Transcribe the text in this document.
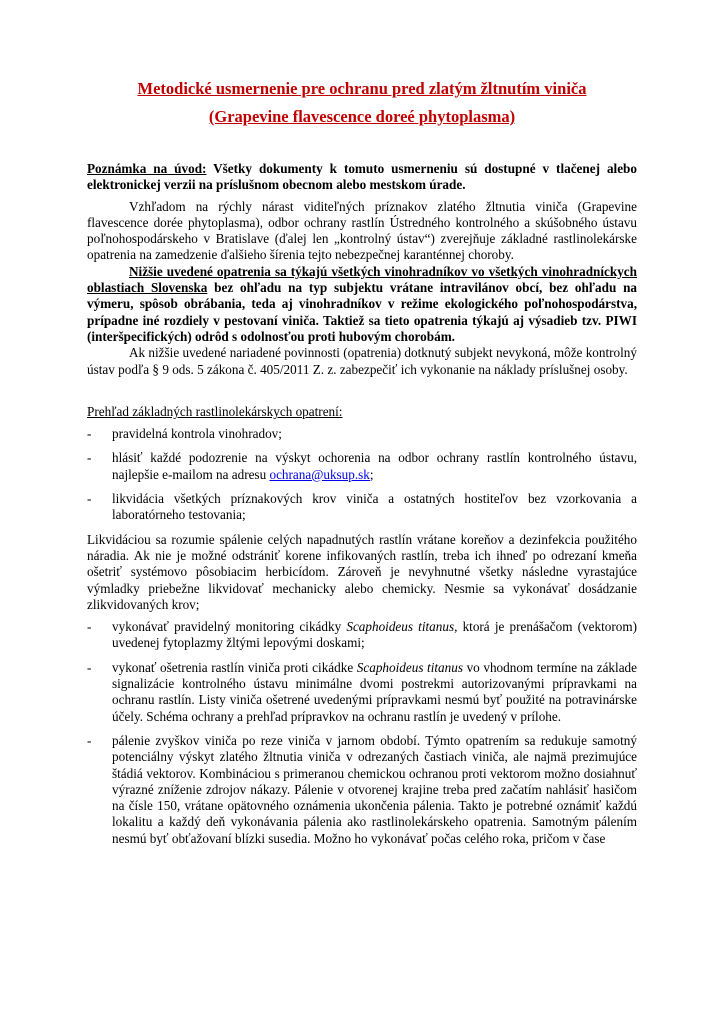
Metodické usmernenie pre ochranu pred zlatým žltnutím viniča
(Grapevine flavescence doreé phytoplasma)

Poznámka na úvod: Všetky dokumenty k tomuto usmerneniu sú dostupné v tlačenej alebo elektronickej verzii na príslušnom obecnom alebo mestskom úrade.

Vzhľadom na rýchly nárast viditeľných príznakov zlatého žltnutia viniča (Grapevine flavescence dorée phytoplasma), odbor ochrany rastlín Ústredného kontrolného a skúšobného ústavu poľnohospodárskeho v Bratislave (ďalej len „kontrolný ústav“) zverejňuje základné rastlinolekárske opatrenia na zamedzenie ďalšieho šírenia tejto nebezpečnej karanténnej choroby.

Nižšie uvedené opatrenia sa týkajú všetkých vinohradníkov vo všetkých vinohradníckych oblastiach Slovenska bez ohľadu na typ subjektu vrátane intravilánov obcí, bez ohľadu na výmeru, spôsob obrábania, teda aj vinohradníkov v režime ekologického poľnohospodárstva, prípadne iné rozdiely v pestovaní viniča. Taktiež sa tieto opatrenia týkajú aj výsadieb tzv. PIWI (interšpecifických) odrôd s odolnosťou proti hubovým chorobám.

Ak nižšie uvedené nariadené povinnosti (opatrenia) dotknutý subjekt nevykoná, môže kontrolný ústav podľa § 9 ods. 5 zákona č. 405/2011 Z. z. zabezpečiť ich vykonanie na náklady príslušnej osoby.

Prehľad základných rastlinolekárskych opatrení:

- pravidelná kontrola vinohradov;
- hlásiť každé podozrenie na výskyt ochorenia na odbor ochrany rastlín kontrolného ústavu, najlepšie e-mailom na adresu ochrana@uksup.sk;
- likvidácia všetkých príznakových krov viniča a ostatných hostiteľov bez vzorkovania a laboratórneho testovania;

Likvidáciou sa rozumie spálenie celých napadnutých rastlín vrátane koreňov a dezinfekcia použitého náradia. Ak nie je možné odstrániť korene infikovaných rastlín, treba ich ihneď po odrezaní kmeňa ošetriť systémovo pôsobiacim herbicídom. Zároveň je nevyhnutné všetky následne vyrastajúce výmladky priebežne likvidovať mechanicky alebo chemicky. Nesmie sa vykonávať dosádzanie zlikvidovaných krov;

- vykonávať pravidelný monitoring cikádky Scaphoideus titanus, ktorá je prenášačom (vektorom) uvedenej fytoplazmy žltými lepovými doskami;
- vykonať ošetrenia rastlín viniča proti cikádke Scaphoideus titanus vo vhodnom termíne na základe signalizácie kontrolného ústavu minimálne dvomi postrekmi autorizovanými prípravkami na ochranu rastlín. Listy viniča ošetrené uvedenými prípravkami nesmú byť použité na potravinárske účely. Schéma ochrany a prehľad prípravkov na ochranu rastlín je uvedený v prílohe.
- pálenie zvyškov viniča po reze viniča v jarnom období. Týmto opatrením sa redukuje samotný potenciálny výskyt zlatého žltnutia viniča v odrezaných častiach viniča, ale najmä prezimujúce štádiá vektorov. Kombináciou s primeranou chemickou ochranou proti vektorom možno dosiahnuť výrazné zníženie zdrojov nákazy. Pálenie v otvorenej krajine treba pred začatím nahlásiť hasičom na čísle 150, vrátane opätovného oznámenia ukončenia pálenia. Takto je potrebné oznámiť každú lokalitu a každý deň vykonávania pálenia ako rastlinolekárskeho opatrenia. Samotným pálením nesmú byť obťažovaní blízki susedia. Možno ho vykonávať počas celého roka, pričom v čase
